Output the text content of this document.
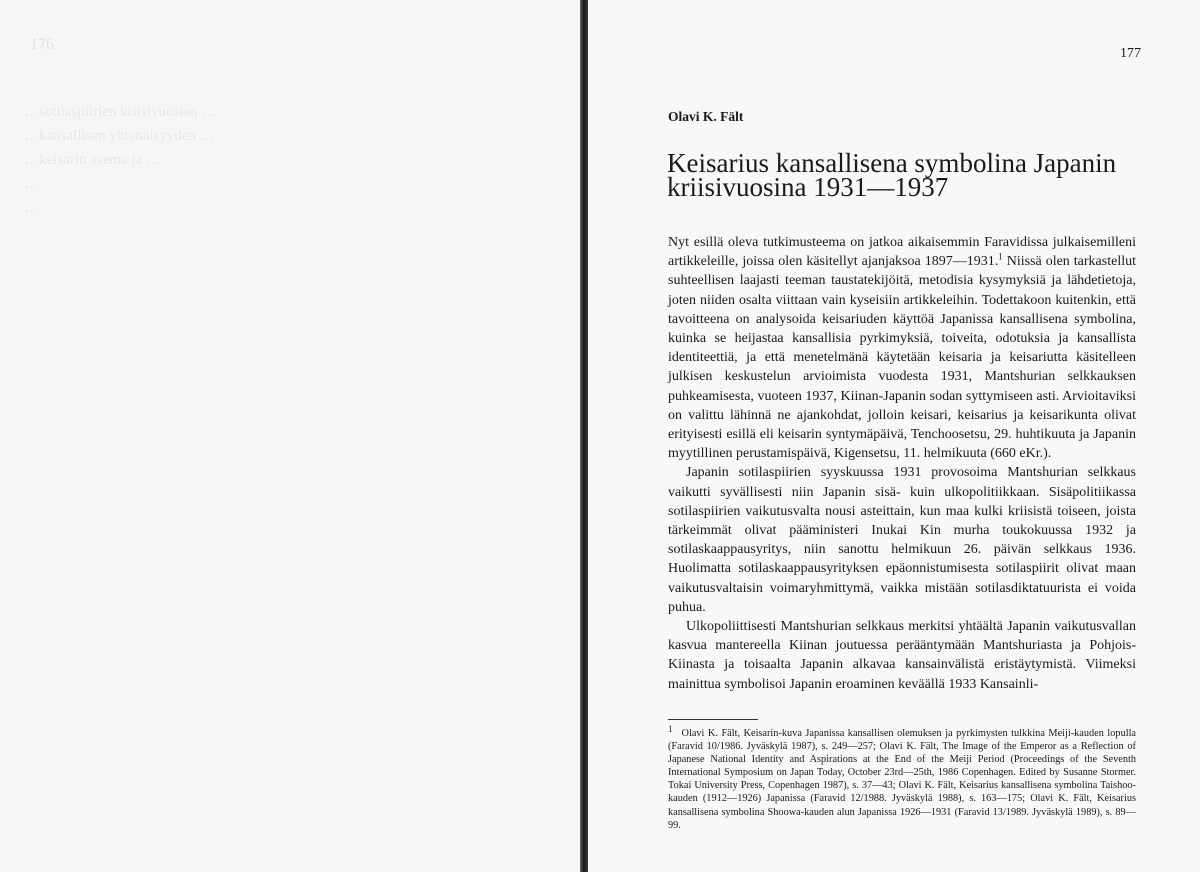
176
…sotilaspiirien kriisivuosien …
…kansallisen yhtenäisyyden …
…keisarin asema ja …
…
…
177
Olavi K. Fält
Keisarius kansallisena symbolina Japanin kriisivuosina 1931—1937

Nyt esillä oleva tutkimusteema on jatkoa aikaisemmin Faravidissa julkaisemilleni artikkeleille, joissa olen käsitellyt ajanjaksoa 1897—1931.$^1$ Niissä olen tarkastellut suhteellisen laajasti teeman taustatekijöitä, metodisia kysymyksiä ja lähdetietoja, joten niiden osalta viittaan vain kyseisiin artikkeleihin. Todettakoon kuitenkin, että tavoitteena on analysoida keisariuden käyttöä Japanissa kansallisena symbolina, kuinka se heijastaa kansallisia pyrkimyksiä, toiveita, odotuksia ja kansallista identiteettiä, ja että menetelmänä käytetään keisaria ja keisariutta käsitelleen julkisen keskustelun arvioimista vuodesta 1931, Mantshurian selkkauksen puhkeamisesta, vuoteen 1937, Kiinan-Japanin sodan syttymiseen asti. Arvioitaviksi on valittu lähinnä ne ajankohdat, jolloin keisari, keisarius ja keisarikunta olivat erityisesti esillä eli keisarin syntymäpäivä, Tenchoosetsu, 29. huhtikuuta ja Japanin myytillinen perustamispäivä, Kigensetsu, 11. helmikuuta (660 eKr.).

Japanin sotilaspiirien syyskuussa 1931 provosoima Mantshurian selkkaus vaikutti syvällisesti niin Japanin sisä- kuin ulkopolitiikkaan. Sisäpolitiikassa sotilaspiirien vaikutusvalta nousi asteittain, kun maa kulki kriisistä toiseen, joista tärkeimmät olivat pääministeri Inukai Kin murha toukokuussa 1932 ja sotilaskaappausyritys, niin sanottu helmikuun 26. päivän selkkaus 1936. Huolimatta sotilaskaappausyrityksen epäonnistumisesta sotilaspiirit olivat maan vaikutusvaltaisin voimaryhmittymä, vaikka mistään sotilasdiktatuurista ei voida puhua.

Ulkopoliittisesti Mantshurian selkkaus merkitsi yhtäältä Japanin vaikutusvallan kasvua mantereella Kiinan joutuessa perääntymään Mantshuriasta ja Pohjois-Kiinasta ja toisaalta Japanin alkavaa kansainvälistä eristäytymistä. Viimeksi mainittua symbolisoi Japanin eroaminen keväällä 1933 Kansainli-

$^1$ Olavi K. Fält, Keisarin-kuva Japanissa kansallisen olemuksen ja pyrkimysten tulkkina Meiji-kauden lopulla (Faravid 10/1986. Jyväskylä 1987), s. 249—257; Olavi K. Fält, The Image of the Emperor as a Reflection of Japanese National Identity and Aspirations at the End of the Meiji Period (Proceedings of the Seventh International Symposium on Japan Today, October 23rd—25th, 1986 Copenhagen. Edited by Susanne Stormer. Tokai University Press, Copenhagen 1987), s. 37—43; Olavi K. Fält, Keisarius kansallisena symbolina Taishoo-kauden (1912—1926) Japanissa (Faravid 12/1988. Jyväskylä 1988), s. 163—175; Olavi K. Fält, Keisarius kansallisena symbolina Shoowa-kauden alun Japanissa 1926—1931 (Faravid 13/1989. Jyväskylä 1989), s. 89—99.
